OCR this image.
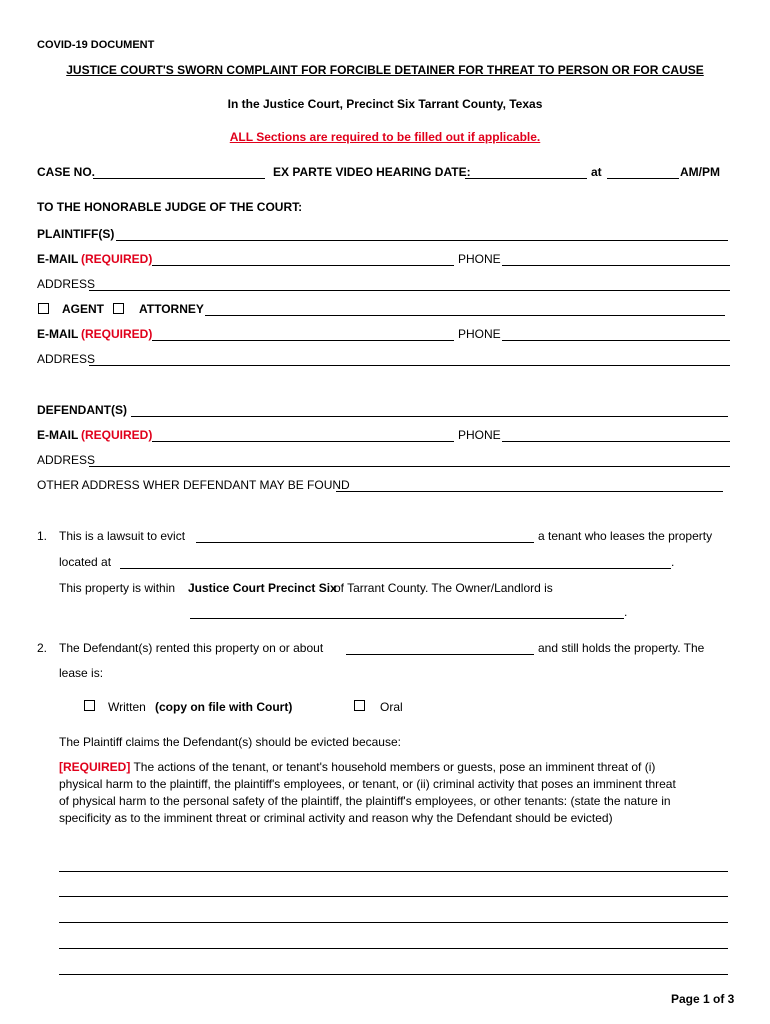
COVID-19 DOCUMENT
JUSTICE COURT'S SWORN COMPLAINT FOR FORCIBLE DETAINER FOR THREAT TO PERSON OR FOR CAUSE
In the Justice Court, Precinct Six Tarrant County, Texas
ALL Sections are required to be filled out if applicable.
CASE NO.	EX PARTE VIDEO HEARING DATE:	at	AM/PM
TO THE HONORABLE JUDGE OF THE COURT:
PLAINTIFF(S)
E-MAIL (REQUIRED)	PHONE
ADDRESS
AGENT	ATTORNEY
E-MAIL (REQUIRED)	PHONE
ADDRESS
DEFENDANT(S)
E-MAIL (REQUIRED)	PHONE
ADDRESS
OTHER ADDRESS WHER DEFENDANT MAY BE FOUND
1. This is a lawsuit to evict	a tenant who leases the property
located at	.
This property is within Justice Court Precinct Six
of Tarrant County. The Owner/Landlord is
.
2. The Defendant(s) rented this property on or about	and still holds the property. The
lease is:
Written (copy on file with Court)	Oral
The Plaintiff claims the Defendant(s) should be evicted because:
[REQUIRED] The actions of the tenant, or tenant's household members or guests, pose an imminent threat of (i)
physical harm to the plaintiff, the plaintiff's employees, or tenant, or (ii) criminal activity that poses an imminent threat
of physical harm to the personal safety of the plaintiff, the plaintiff's employees, or other tenants: (state the nature in
specificity as to the imminent threat or criminal activity and reason why the Defendant should be evicted)
Page 1 of 3
